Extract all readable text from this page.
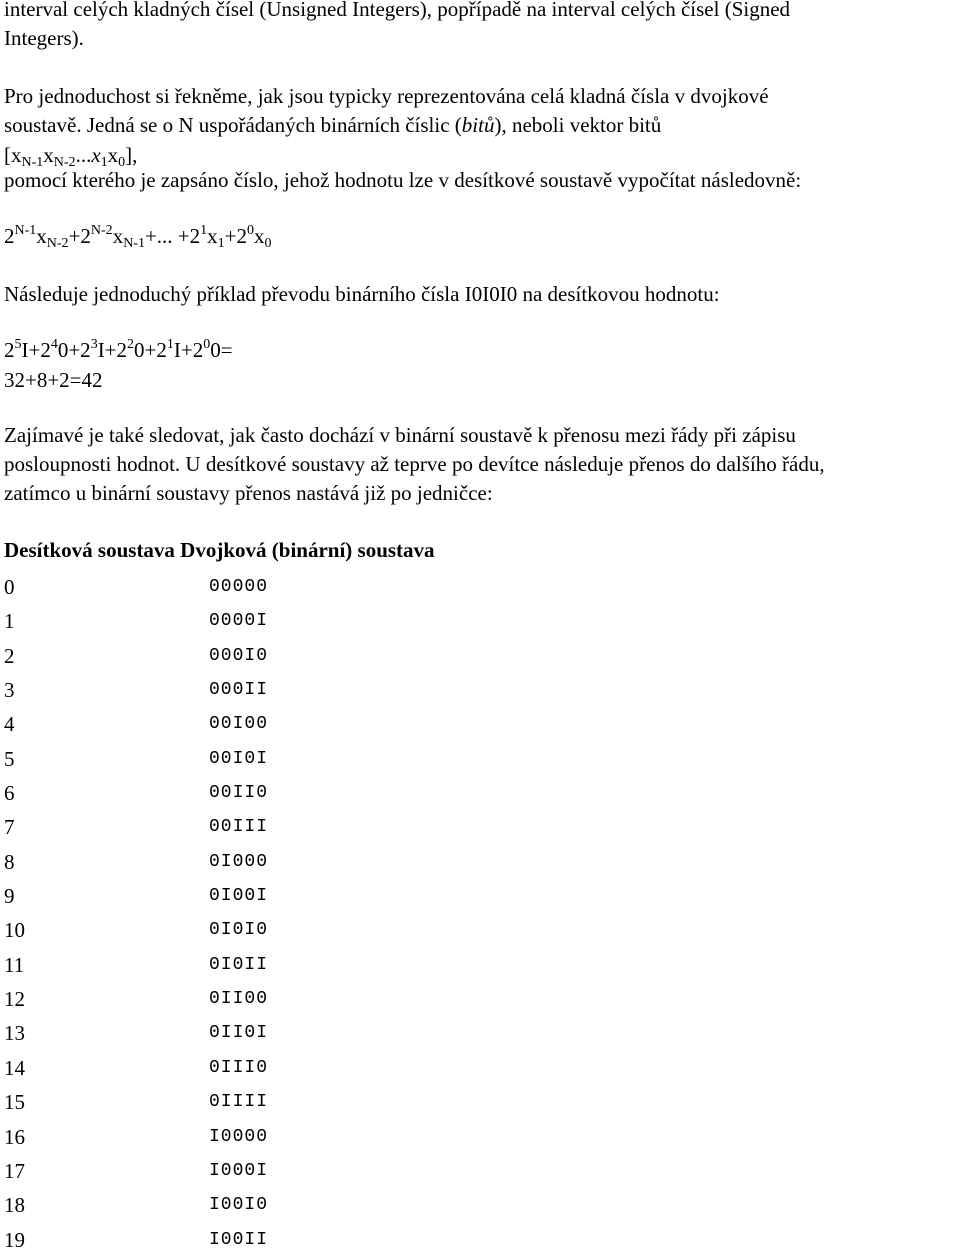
interval celých kladných čísel (Unsigned Integers), popřípadě na interval celých čísel (Signed

Integers).

Pro jednoduchost si řekněme, jak jsou typicky reprezentována celá kladná čísla v dvojkové

soustavě. Jedná se o N uspořádaných binárních číslic (bitů), neboli vektor bitů

$[x_{N-1}x_{N-2}...x_1x_0]$,

pomocí kterého je zapsáno číslo, jehož hodnotu lze v desítkové soustavě vypočítat následovně:

$2^{N-1}x_{N-2}+2^{N-2}x_{N-1}+$... $+2^1x_1+2^0x_0$

Následuje jednoduchý příklad převodu binárního čísla I0I0I0 na desítkovou hodnotu:

$2^5I+2^40+2^3I+2^20+2^1I+2^00=$

32+8+2=42

Zajímavé je také sledovat, jak často dochází v binární soustavě k přenosu mezi řády při zápisu

posloupnosti hodnot. U desítkové soustavy až teprve po devítce následuje přenos do dalšího řádu,

zatímco u binární soustavy přenos nastává již po jedničce:

Desítková soustava Dvojková (binární) soustava
0	00000
1	0000I
2	000I0
3	000II
4	00I00
5	00I0I
6	00II0
7	00III
8	0I000
9	0I00I
10	0I0I0
11	0I0II
12	0II00
13	0II0I
14	0III0
15	0IIII
16	I0000
17	I000I
18	I00I0
19	I00II
